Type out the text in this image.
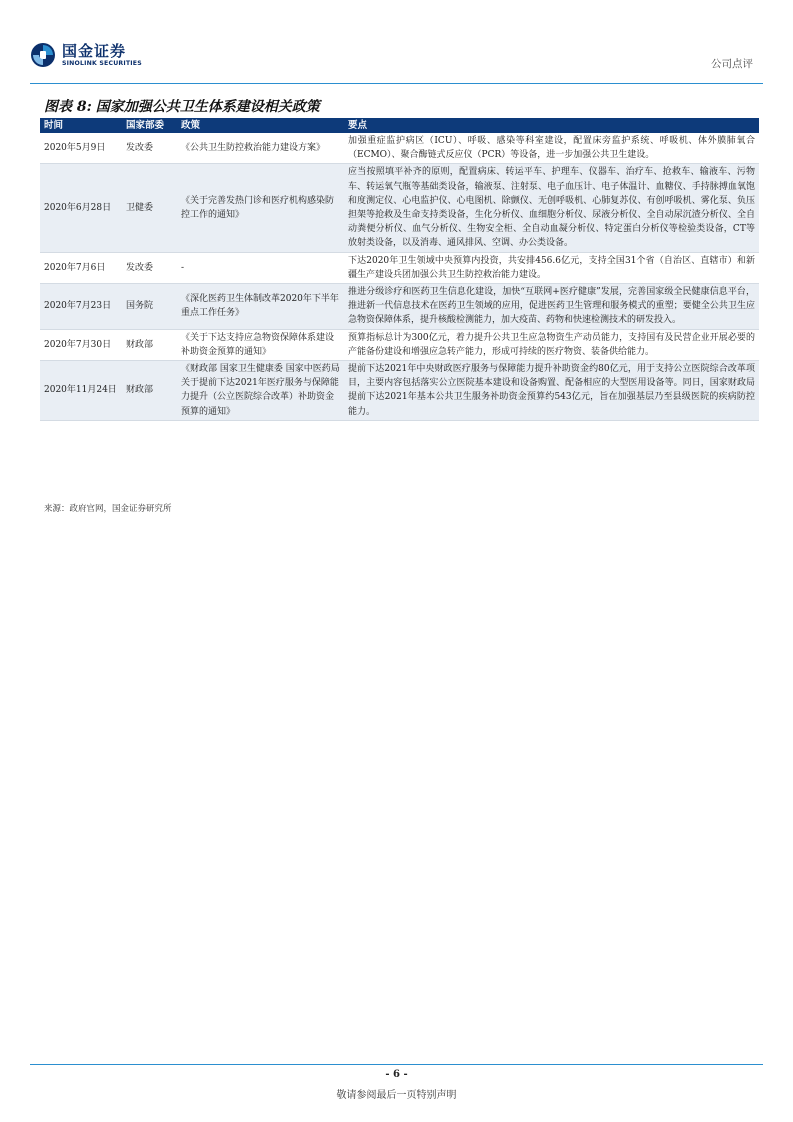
国金证券
SINOLINK SECURITIES	公司点评
图表 8: 国家加强公共卫生体系建设相关政策
时间	国家部委	政策	要点
2020年5月9日	发改委	《公共卫生防控救治能力建设方案》	加强重症监护病区（ICU）、呼吸、感染等科室建设，配置床旁监护系统、呼吸机、体外膜肺氧合（ECMO）、聚合酶链式反应仪（PCR）等设备，进一步加强公共卫生建设。
2020年6月28日	卫健委	《关于完善发热门诊和医疗机构感染防控工作的通知》	应当按照填平补齐的原则，配置病床、转运平车、护理车、仪器车、治疗车、抢救车、输液车、污物车、转运氧气瓶等基础类设备，输液泵、注射泵、电子血压计、电子体温计、血糖仪、手持脉搏血氧饱和度测定仪、心电监护仪、心电图机、除颤仪、无创呼吸机、心肺复苏仪、有创呼吸机、雾化泵、负压担架等抢救及生命支持类设备，生化分析仪、血细胞分析仪、尿液分析仪、全自动尿沉渣分析仪、全自动粪便分析仪、血气分析仪、生物安全柜、全自动血凝分析仪、特定蛋白分析仪等检验类设备，CT等放射类设备，以及消毒、通风排风、空调、办公类设备。
2020年7月6日	发改委	-	下达2020年卫生领域中央预算内投资，共安排456.6亿元，支持全国31个省（自治区、直辖市）和新疆生产建设兵团加强公共卫生防控救治能力建设。
2020年7月23日	国务院	《深化医药卫生体制改革2020年下半年重点工作任务》	推进分级诊疗和医药卫生信息化建设，加快“互联网+医疗健康”发展，完善国家级全民健康信息平台，推进新一代信息技术在医药卫生领域的应用，促进医药卫生管理和服务模式的重塑；要健全公共卫生应急物资保障体系，提升核酸检测能力，加大疫苗、药物和快速检测技术的研发投入。
2020年7月30日	财政部	《关于下达支持应急物资保障体系建设补助资金预算的通知》	预算指标总计为300亿元，着力提升公共卫生应急物资生产动员能力，支持国有及民营企业开展必要的产能备份建设和增强应急转产能力，形成可持续的医疗物资、装备供给能力。
2020年11月24日	财政部	《财政部 国家卫生健康委 国家中医药局关于提前下达2021年医疗服务与保障能力提升（公立医院综合改革）补助资金预算的通知》	提前下达2021年中央财政医疗服务与保障能力提升补助资金约80亿元，用于支持公立医院综合改革项目，主要内容包括落实公立医院基本建设和设备购置、配备相应的大型医用设备等。同日，国家财政局提前下达2021年基本公共卫生服务补助资金预算约543亿元，旨在加强基层乃至县级医院的疾病防控能力。
来源：政府官网，国金证券研究所
- 6 -
敬请参阅最后一页特别声明
